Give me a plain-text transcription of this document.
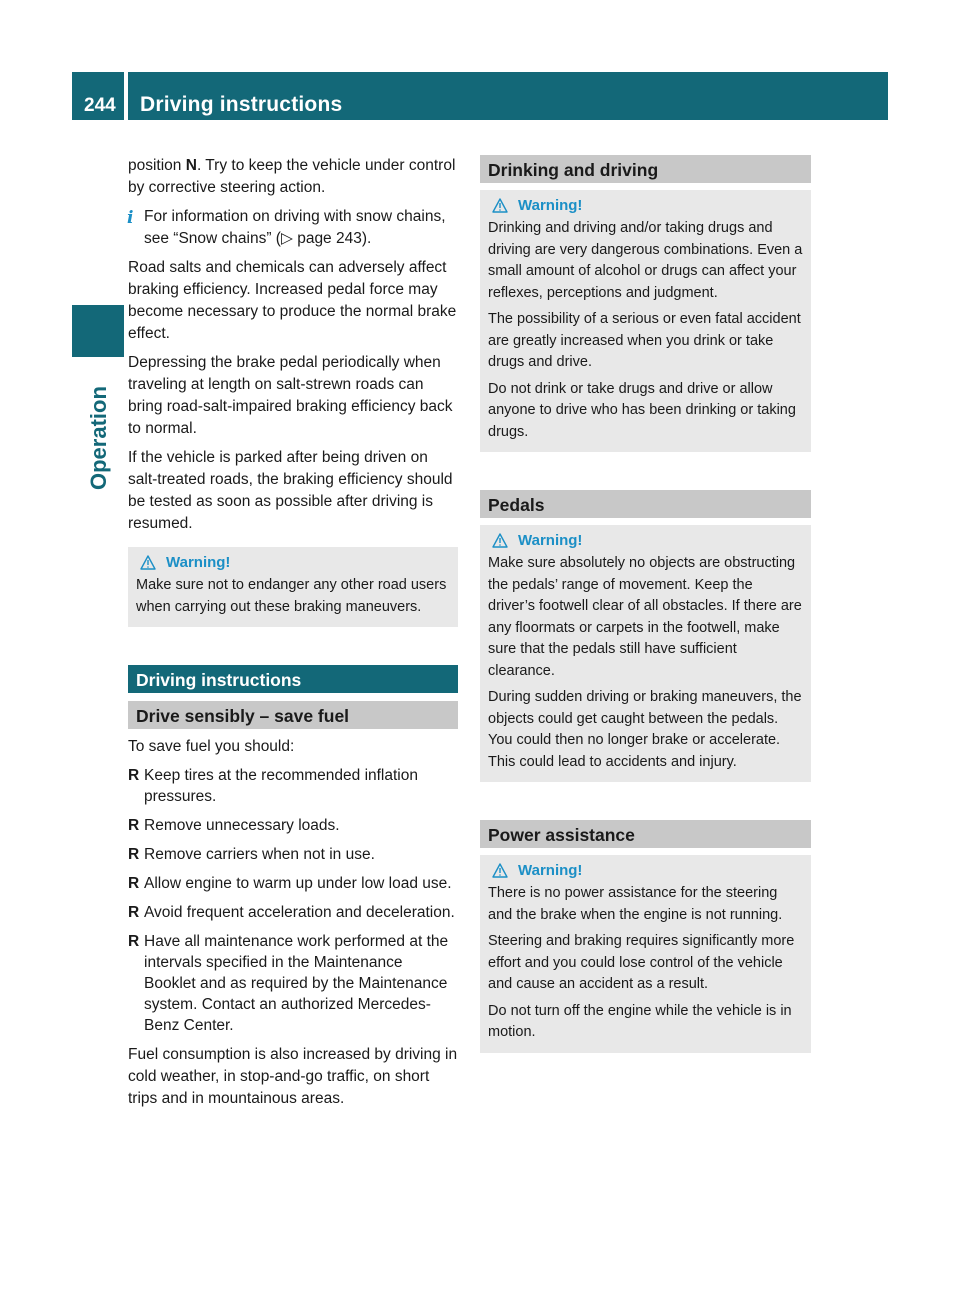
244 Driving instructions
Operation

position N. Try to keep the vehicle under control by corrective steering action.

i For information on driving with snow chains, see “Snow chains” (▷ page 243).

Road salts and chemicals can adversely affect braking efficiency. Increased pedal force may become necessary to produce the normal brake effect.

Depressing the brake pedal periodically when traveling at length on salt-strewn roads can bring road-salt-impaired braking efficiency back to normal.

If the vehicle is parked after being driven on salt-treated roads, the braking efficiency should be tested as soon as possible after driving is resumed.

Warning!

Make sure not to endanger any other road users when carrying out these braking maneuvers.

Driving instructions
Drive sensibly – save fuel

To save fuel you should:

R Keep tires at the recommended inflation pressures.
R Remove unnecessary loads.
R Remove carriers when not in use.
R Allow engine to warm up under low load use.
R Avoid frequent acceleration and deceleration.
R Have all maintenance work performed at the intervals specified in the Maintenance Booklet and as required by the Maintenance system. Contact an authorized Mercedes-Benz Center.

Fuel consumption is also increased by driving in cold weather, in stop-and-go traffic, on short trips and in mountainous areas.

Drinking and driving
Warning!

Drinking and driving and/or taking drugs and driving are very dangerous combinations. Even a small amount of alcohol or drugs can affect your reflexes, perceptions and judgment.

The possibility of a serious or even fatal accident are greatly increased when you drink or take drugs and drive.

Do not drink or take drugs and drive or allow anyone to drive who has been drinking or taking drugs.

Pedals
Warning!

Make sure absolutely no objects are obstructing the pedals’ range of movement. Keep the driver’s footwell clear of all obstacles. If there are any floormats or carpets in the footwell, make sure that the pedals still have sufficient clearance.

During sudden driving or braking maneuvers, the objects could get caught between the pedals. You could then no longer brake or accelerate. This could lead to accidents and injury.

Power assistance
Warning!

There is no power assistance for the steering and the brake when the engine is not running.

Steering and braking requires significantly more effort and you could lose control of the vehicle and cause an accident as a result.

Do not turn off the engine while the vehicle is in motion.
